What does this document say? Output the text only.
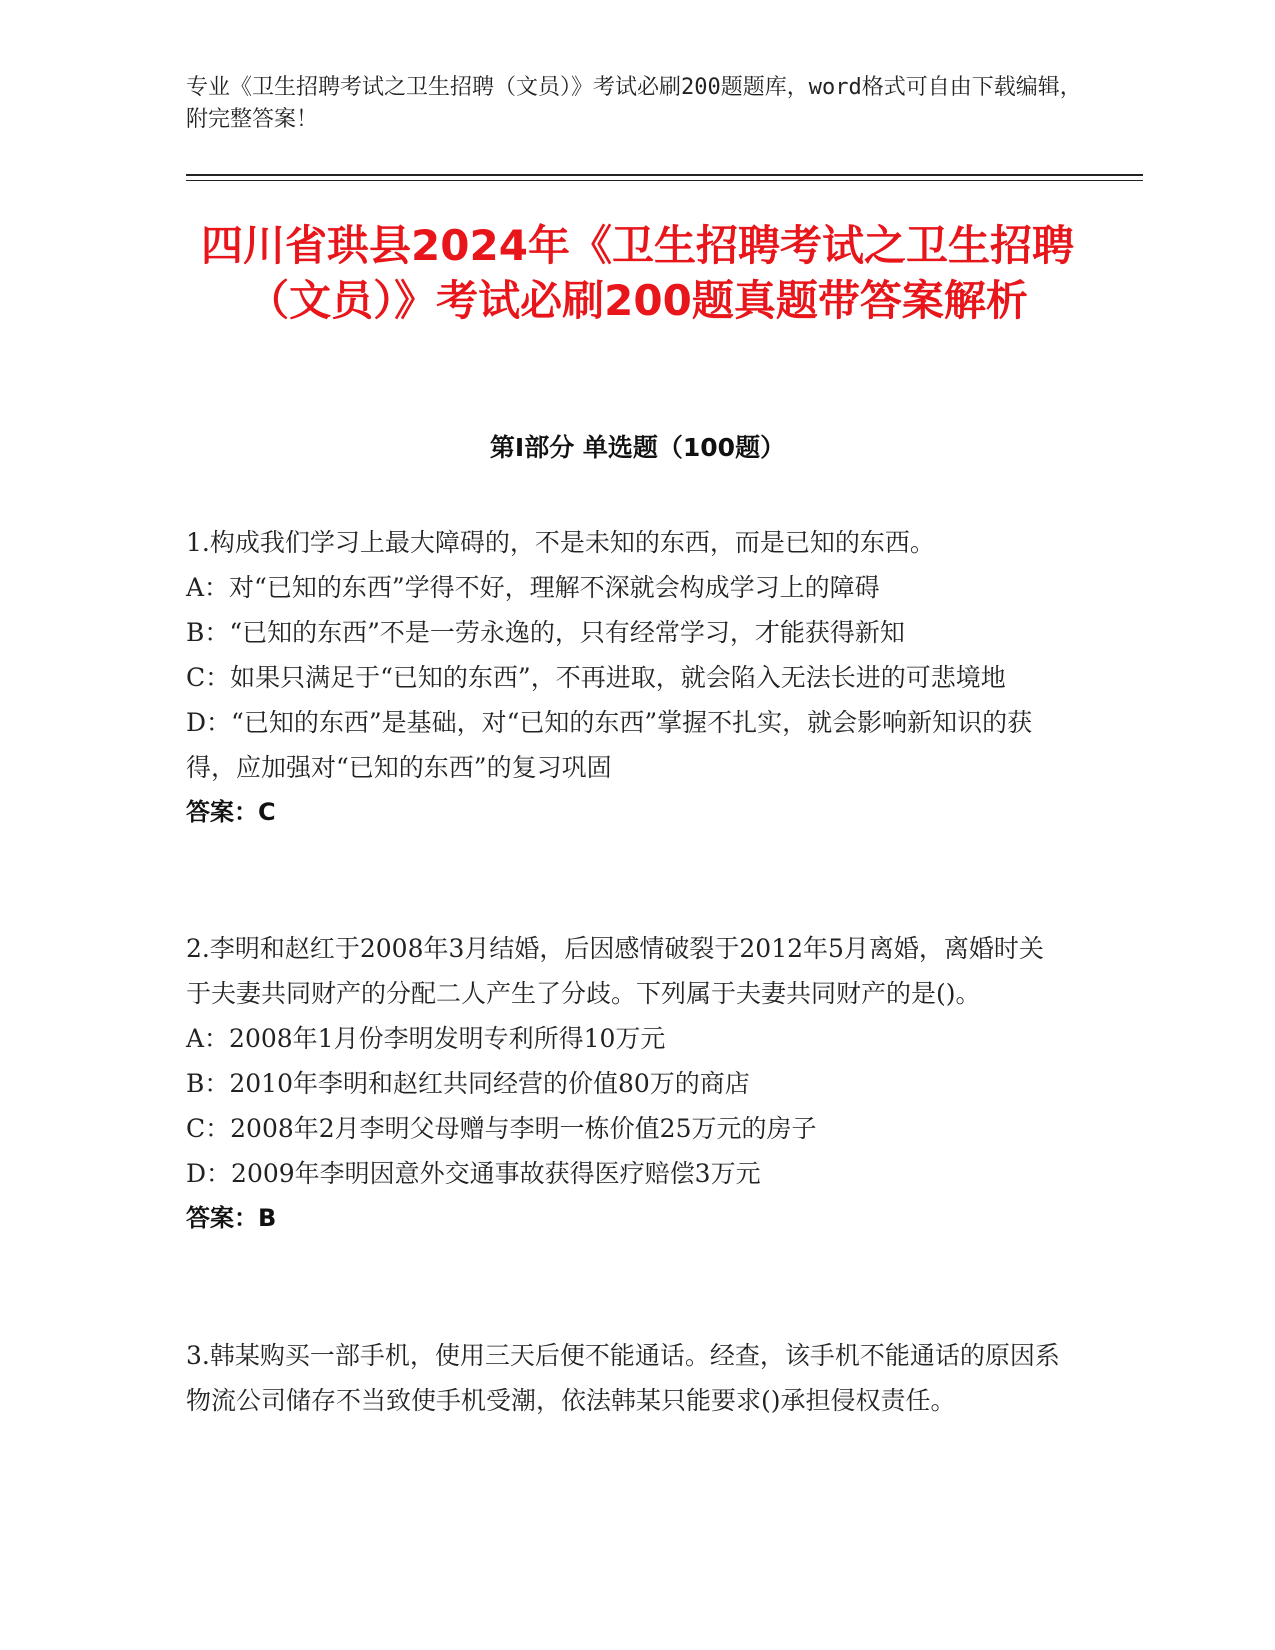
专业《卫生招聘考试之卫生招聘（文员）》考试必刷200题题库，word格式可自由下载编辑，附完整答案！
四川省珙县2024年《卫生招聘考试之卫生招聘（文员）》考试必刷200题真题带答案解析
第I部分 单选题（100题）

1.构成我们学习上最大障碍的，不是未知的东西，而是已知的东西。

A：对“已知的东西”学得不好，理解不深就会构成学习上的障碍

B：“已知的东西”不是一劳永逸的，只有经常学习，才能获得新知

C：如果只满足于“已知的东西”，不再进取，就会陷入无法长进的可悲境地

D：“已知的东西”是基础，对“已知的东西”掌握不扎实，就会影响新知识的获得，应加强对“已知的东西”的复习巩固

答案：C

2.李明和赵红于2008年3月结婚，后因感情破裂于2012年5月离婚，离婚时关于夫妻共同财产的分配二人产生了分歧。下列属于夫妻共同财产的是()。

A：2008年1月份李明发明专利所得10万元

B：2010年李明和赵红共同经营的价值80万的商店

C：2008年2月李明父母赠与李明一栋价值25万元的房子

D：2009年李明因意外交通事故获得医疗赔偿3万元

答案：B

3.韩某购买一部手机，使用三天后便不能通话。经查，该手机不能通话的原因系物流公司储存不当致使手机受潮，依法韩某只能要求()承担侵权责任。
